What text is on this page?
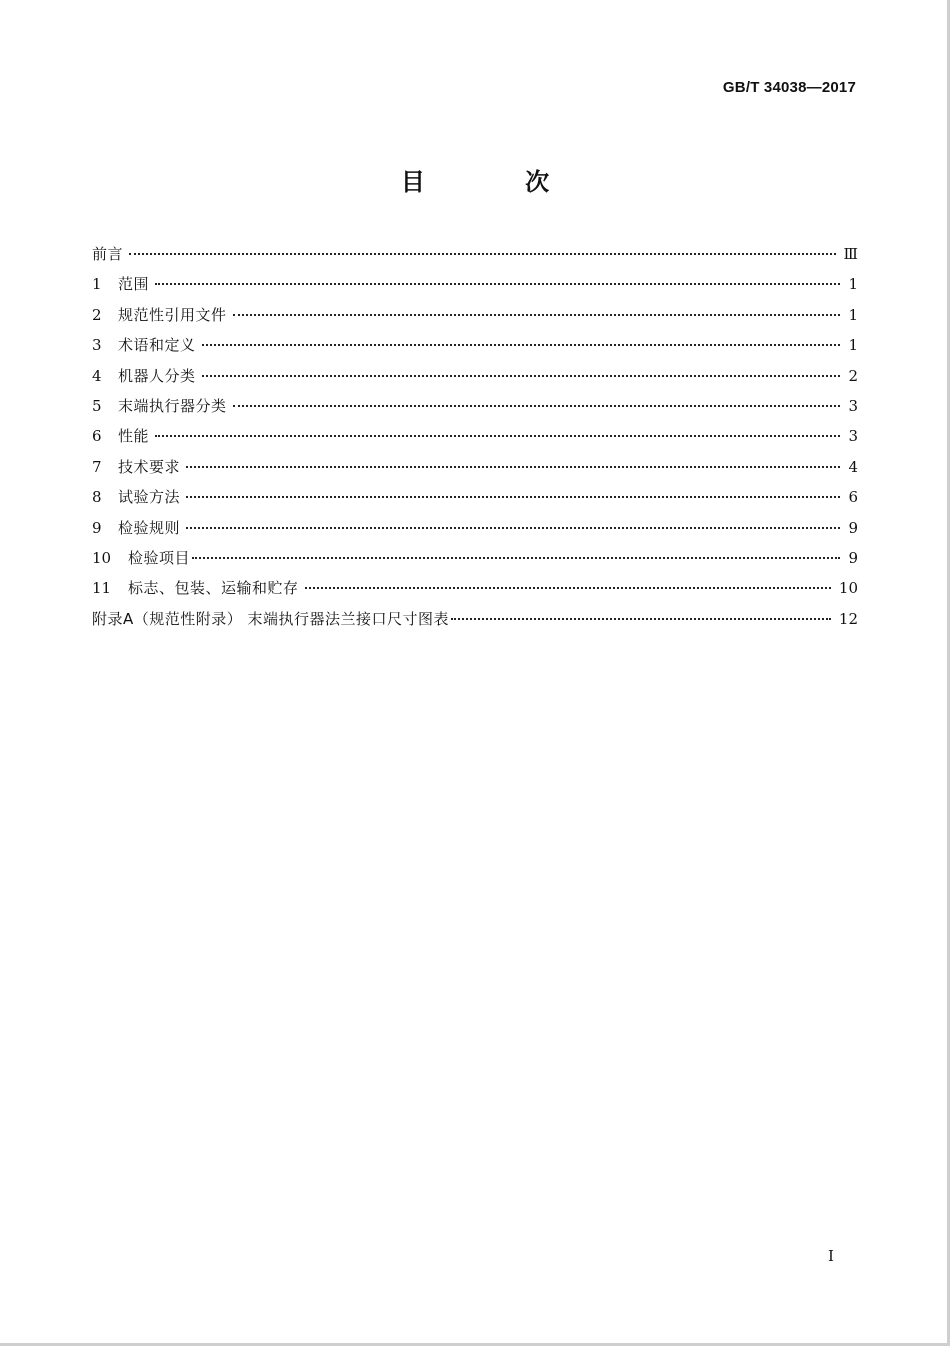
GB/T 34038—2017
目 次
前言	Ⅲ
1	范围	1
2	规范性引用文件	1
3	术语和定义	1
4	机器人分类	2
5	末端执行器分类	3
6	性能	3
7	技术要求	4
8	试验方法	6
9	检验规则	9
10	检验项目	9
11	标志、包装、运输和贮存	10
附录A（规范性附录） 末端执行器法兰接口尺寸图表	12
I
